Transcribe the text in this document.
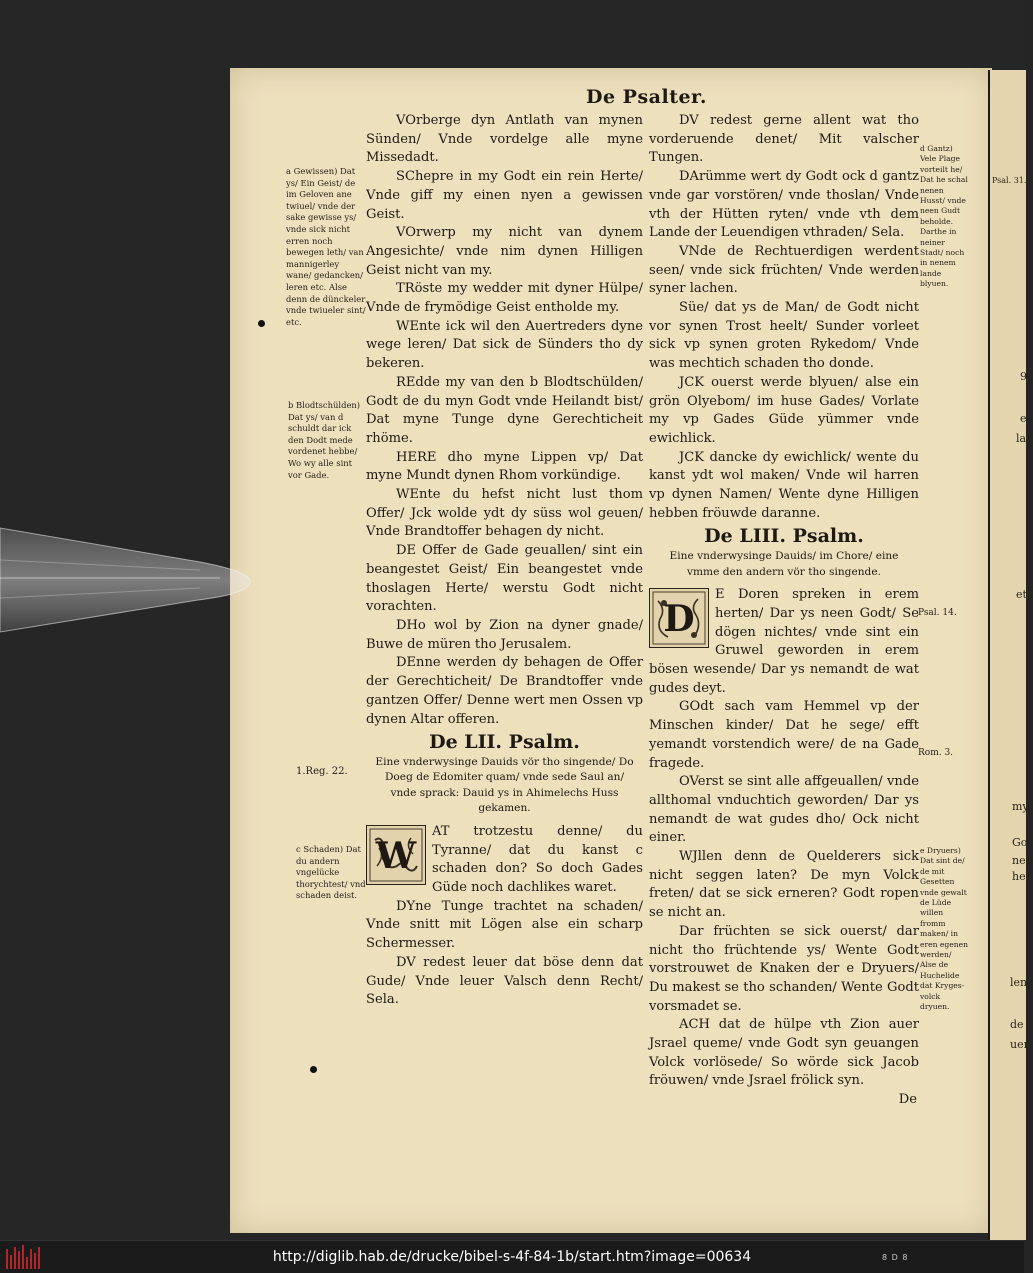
De Psalter.
a Gewissen) Dat ys/ Ein Geist/ de im Geloven ane twiuel/ vnde der sake gewisse ys/ vnde sick nicht erren noch bewegen leth/ van mannigerley wane/ gedancken/ leren etc. Alse denn de dünckeler vnde twiueler sint/ etc.
b Blodtschülden) Dat ys/ van d schuldt dar ick den Dodt mede vordenet hebbe/ Wo wy alle sint vor Gade.
1.Reg. 22.
c Schaden) Dat du andern vngelücke thorychtest/ vnd schaden deist.
d Gantz) Vele Plage vorteilt he/ Dat he schal nenen Husst/ vnde neen Gudt beholde. Darthe in neiner Stadt/ noch in nenem lande blyuen.
Psal. 14.
Rom. 3.
e Dryuers) Dat sint de/ de mit Gesetten vnde gewalt de Lüde willen fromm maken/ in eren egenen werden/ Alse de Huchelide dat Kryges-volck dryuen.

VOrberge dyn Antlath van mynen Sünden/ Vnde vordelge alle myne Missedadt.

SChepre in my Godt ein rein Herte/ Vnde giff my einen nyen a gewissen Geist.

VOrwerp my nicht van dynem Angesichte/ vnde nim dynen Hilligen Geist nicht van my.

TRöste my wedder mit dyner Hülpe/ Vnde de frymödige Geist entholde my.

WEnte ick wil den Auertreders dyne wege leren/ Dat sick de Sünders tho dy bekeren.

REdde my van den b Blodtschülden/ Godt de du myn Godt vnde Heilandt bist/ Dat myne Tunge dyne Gerechticheit rhöme.

HERE dho myne Lippen vp/ Dat myne Mundt dynen Rhom vorkündige.

WEnte du hefst nicht lust thom Offer/ Jck wolde ydt dy süss wol geuen/ Vnde Brandtoffer behagen dy nicht.

DE Offer de Gade geuallen/ sint ein beangestet Geist/ Ein beangestet vnde thoslagen Herte/ werstu Godt nicht vorachten.

DHo wol by Zion na dyner gnade/ Buwe de müren tho Jerusalem.

DEnne werden dy behagen de Offer der Gerechticheit/ De Brandtoffer vnde gantzen Offer/ Denne wert men Ossen vp dynen Altar offeren.

De LII. Psalm.
Eine vnderwysinge Dauids vör tho singende/ Do Doeg de Edomiter quam/ vnde sede Saul an/ vnde sprack: Dauid ys in Ahimelechs Huss gekamen.

W
AT trotzestu denne/ du Tyranne/ dat du kanst c schaden don? So doch Gades Güde noch dachlikes waret.

DYne Tunge trachtet na schaden/ Vnde snitt mit Lögen alse ein scharp Schermesser.

DV redest leuer dat böse denn dat Gude/ Vnde leuer Valsch denn Recht/ Sela.

DV redest gerne allent wat tho vorderuende denet/ Mit valscher Tungen.

DArümme wert dy Godt ock d gantz vnde gar vorstören/ vnde thoslan/ Vnde vth der Hütten ryten/ vnde vth dem Lande der Leuendigen vthraden/ Sela.

VNde de Rechtuerdigen werdent seen/ vnde sick früchten/ Vnde werden syner lachen.

Süe/ dat ys de Man/ de Godt nicht vor synen Trost heelt/ Sunder vorleet sick vp synen groten Rykedom/ Vnde was mechtich schaden tho donde.

JCK ouerst werde blyuen/ alse ein grön Olyebom/ im huse Gades/ Vorlate my vp Gades Güde yümmer vnde ewichlick.

JCK dancke dy ewichlick/ wente du kanst ydt wol maken/ Vnde wil harren vp dynen Namen/ Wente dyne Hilligen hebben fröuwde daranne.

De LIII. Psalm.
Eine vnderwysinge Dauids/ im Chore/ eine vmme den andern vör tho singende.

D
E Doren spreken in erem herten/ Dar ys neen Godt/ Se dögen nichtes/ vnde sint ein Gruwel geworden in erem bösen wesende/ Dar ys nemandt de wat gudes deyt.

GOdt sach vam Hemmel vp der Minschen kinder/ Dat he sege/ efft yemandt vorstendich were/ de na Gade fragede.

OVerst se sint alle affgeuallen/ vnde allthomal vnduchtich geworden/ Dar ys nemandt de wat gudes dho/ Ock nicht einer.

WJllen denn de Quelderers sick nicht seggen laten? De myn Volck freten/ dat se sick erneren? Godt ropen se nicht an.

Dar früchten se sick ouerst/ dar nicht tho früchtende ys/ Wente Godt vorstrouwet de Knaken der e Dryuers/ Du makest se tho schanden/ Wente Godt vorsmadet se.

ACH dat de hülpe vth Zion auer Jsrael queme/ vnde Godt syn geuangen Volck vorlösede/ So wörde sick Jacob fröuwen/ vnde Jsrael frölick syn.

De
Psal. 31.
9
e
la
etc
my
Go
nen
hef
len.
de
uen
http://diglib.hab.de/drucke/bibel-s-4f-84-1b/start.htm?image=00634	8 D 8
